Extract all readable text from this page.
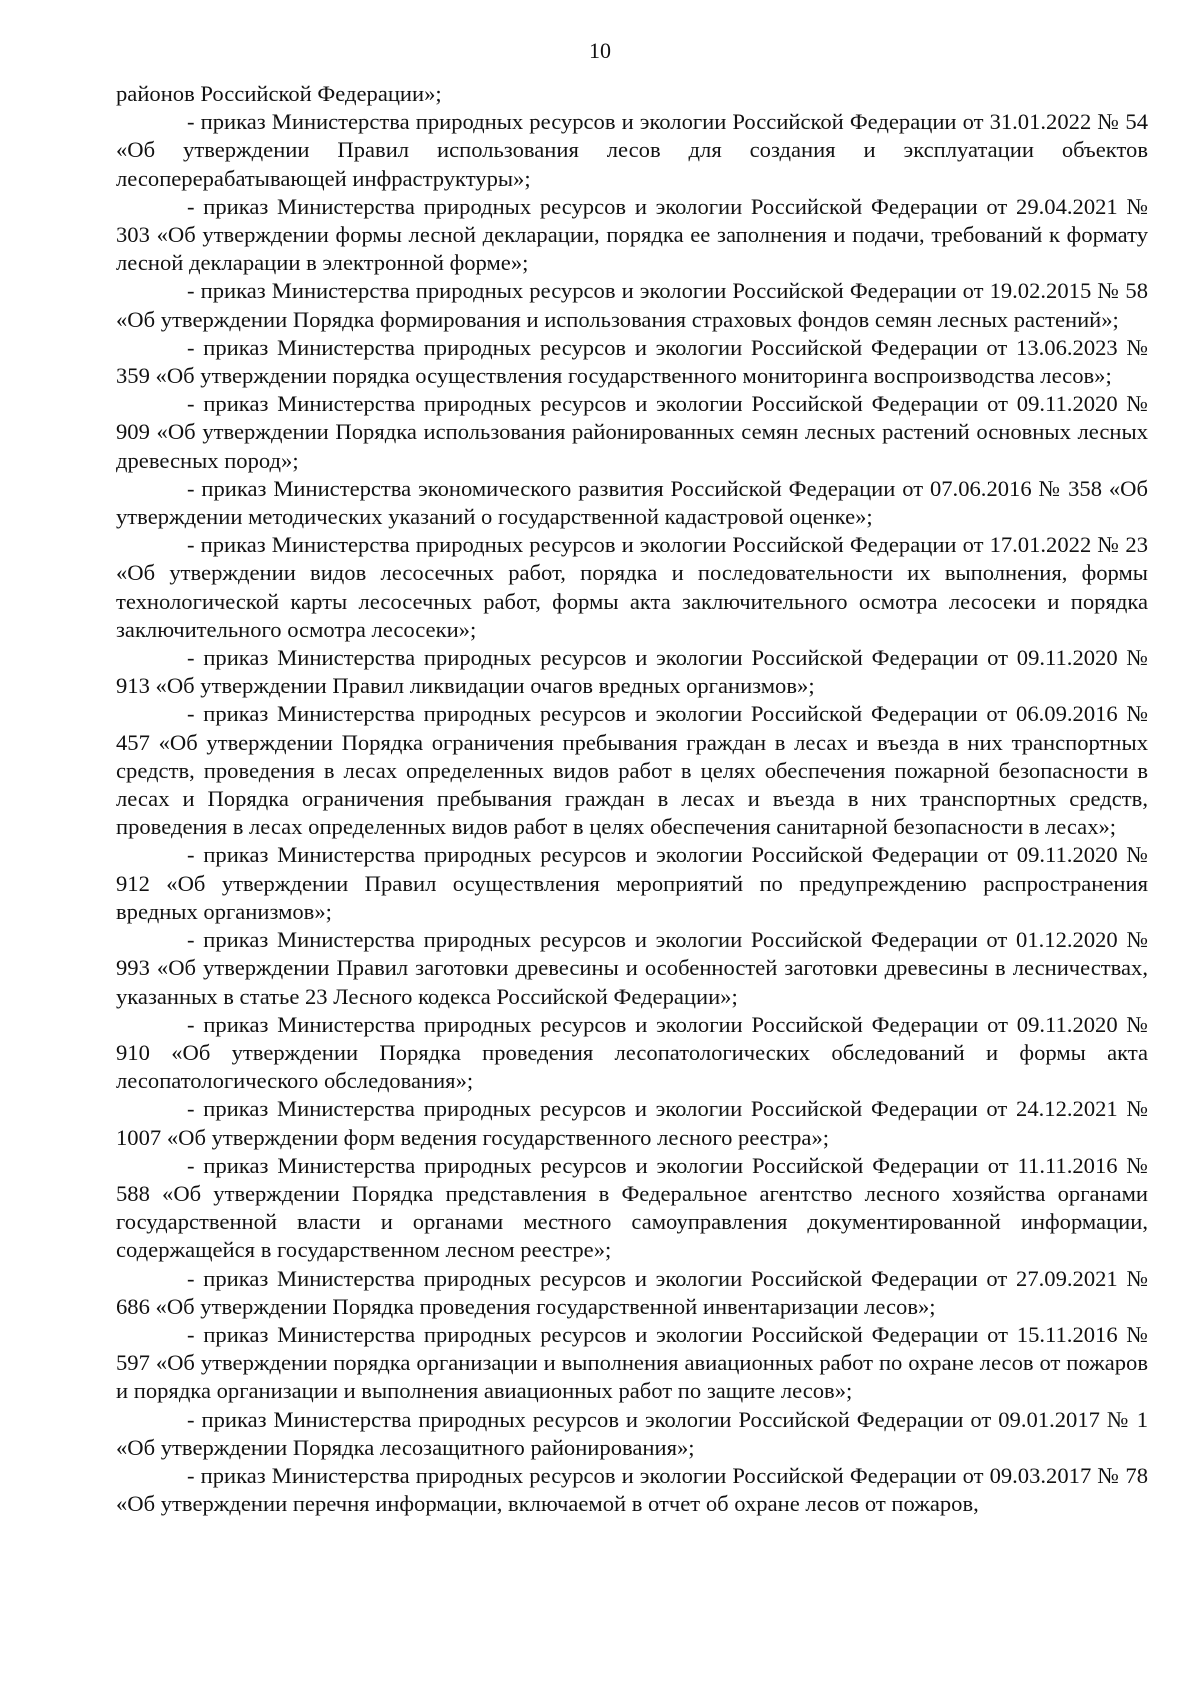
10

районов Российской Федерации»;

- приказ Министерства природных ресурсов и экологии Российской Федерации от 31.01.2022 № 54 «Об утверждении Правил использования лесов для создания и эксплуатации объектов лесоперерабатывающей инфраструктуры»;

- приказ Министерства природных ресурсов и экологии Российской Федерации от 29.04.2021 № 303 «Об утверждении формы лесной декларации, порядка ее заполнения и подачи, требований к формату лесной декларации в электронной форме»;

- приказ Министерства природных ресурсов и экологии Российской Федерации от 19.02.2015 № 58 «Об утверждении Порядка формирования и использования страховых фондов семян лесных растений»;

- приказ Министерства природных ресурсов и экологии Российской Федерации от 13.06.2023 № 359 «Об утверждении порядка осуществления государственного мониторинга воспроизводства лесов»;

- приказ Министерства природных ресурсов и экологии Российской Федерации от 09.11.2020 № 909 «Об утверждении Порядка использования районированных семян лесных растений основных лесных древесных пород»;

- приказ Министерства экономического развития Российской Федерации от 07.06.2016 № 358 «Об утверждении методических указаний о государственной кадастровой оценке»;

- приказ Министерства природных ресурсов и экологии Российской Федерации от 17.01.2022 № 23 «Об утверждении видов лесосечных работ, порядка и последовательности их выполнения, формы технологической карты лесосечных работ, формы акта заключительного осмотра лесосеки и порядка заключительного осмотра лесосеки»;

- приказ Министерства природных ресурсов и экологии Российской Федерации от 09.11.2020 № 913 «Об утверждении Правил ликвидации очагов вредных организмов»;

- приказ Министерства природных ресурсов и экологии Российской Федерации от 06.09.2016 № 457 «Об утверждении Порядка ограничения пребывания граждан в лесах и въезда в них транспортных средств, проведения в лесах определенных видов работ в целях обеспечения пожарной безопасности в лесах и Порядка ограничения пребывания граждан в лесах и въезда в них транспортных средств, проведения в лесах определенных видов работ в целях обеспечения санитарной безопасности в лесах»;

- приказ Министерства природных ресурсов и экологии Российской Федерации от 09.11.2020 № 912 «Об утверждении Правил осуществления мероприятий по предупреждению распространения вредных организмов»;

- приказ Министерства природных ресурсов и экологии Российской Федерации от 01.12.2020 № 993 «Об утверждении Правил заготовки древесины и особенностей заготовки древесины в лесничествах, указанных в статье 23 Лесного кодекса Российской Федерации»;

- приказ Министерства природных ресурсов и экологии Российской Федерации от 09.11.2020 № 910 «Об утверждении Порядка проведения лесопатологических обследований и формы акта лесопатологического обследования»;

- приказ Министерства природных ресурсов и экологии Российской Федерации от 24.12.2021 № 1007 «Об утверждении форм ведения государственного лесного реестра»;

- приказ Министерства природных ресурсов и экологии Российской Федерации от 11.11.2016 № 588 «Об утверждении Порядка представления в Федеральное агентство лесного хозяйства органами государственной власти и органами местного самоуправления документированной информации, содержащейся в государственном лесном реестре»;

- приказ Министерства природных ресурсов и экологии Российской Федерации от 27.09.2021 № 686 «Об утверждении Порядка проведения государственной инвентаризации лесов»;

- приказ Министерства природных ресурсов и экологии Российской Федерации от 15.11.2016 № 597 «Об утверждении порядка организации и выполнения авиационных работ по охране лесов от пожаров и порядка организации и выполнения авиационных работ по защите лесов»;

- приказ Министерства природных ресурсов и экологии Российской Федерации от 09.01.2017 № 1 «Об утверждении Порядка лесозащитного районирования»;

- приказ Министерства природных ресурсов и экологии Российской Федерации от 09.03.2017 № 78 «Об утверждении перечня информации, включаемой в отчет об охране лесов от пожаров,
